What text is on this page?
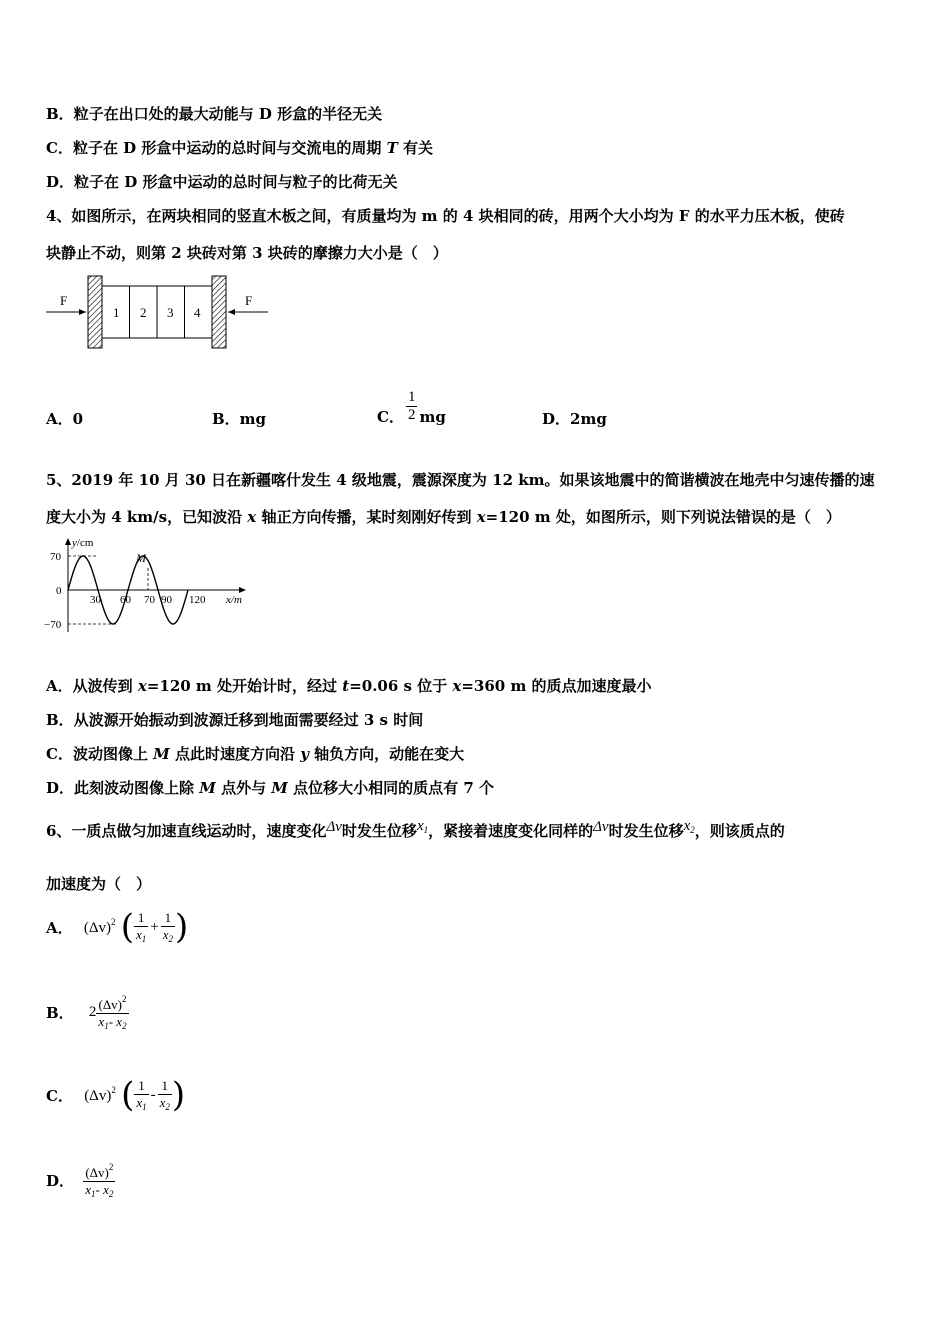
B．粒子在出口处的最大动能与 D 形盒的半径无关
C．粒子在 D 形盒中运动的总时间与交流电的周期 T 有关
D．粒子在 D 形盒中运动的总时间与粒子的比荷无关
4、如图所示，在两块相同的竖直木板之间，有质量均为 m 的 4 块相同的砖，用两个大小均为 F 的水平力压木板，使砖
块静止不动，则第 2 块砖对第 3 块砖的摩擦力大小是（　）
F
1 2 3 4
F
A．0	B．mg	C． $\frac{1}{2}$ mg	D．2mg
5、2019 年 10 月 30 日在新疆喀什发生 4 级地震，震源深度为 12 km。如果该地震中的简谐横波在地壳中匀速传播的速
度大小为 4 km/s，已知波沿 x 轴正方向传播，某时刻刚好传到 x=120 m 处，如图所示，则下列说法错误的是（　）
y/cm
x/m
70
0
−70
M
30 60 70 90 120
A．从波传到 x=120 m 处开始计时，经过 t=0.06 s 位于 x=360 m 的质点加速度最小
B．从波源开始振动到波源迁移到地面需要经过 3 s 时间
C．波动图像上 M 点此时速度方向沿 y 轴负方向，动能在变大
D．此刻波动图像上除 M 点外与 M 点位移大小相同的质点有 7 个
6、一质点做匀加速直线运动时，速度变化Δv时发生位移$x_1$，紧接着速度变化同样的Δv时发生位移$x_2$，则该质点的
加速度为（　）
A． $(\Delta v)^2$ ( $\frac{1}{x_1} + \frac{1}{x_2}$ )
B． $2 \frac{(\Delta v)^2}{x_1- x_2}$
C． $(\Delta v)^2$ ( $\frac{1}{x_1} - \frac{1}{x_2}$ )
D． $\frac{(\Delta v)^2}{x_1- x_2}$
